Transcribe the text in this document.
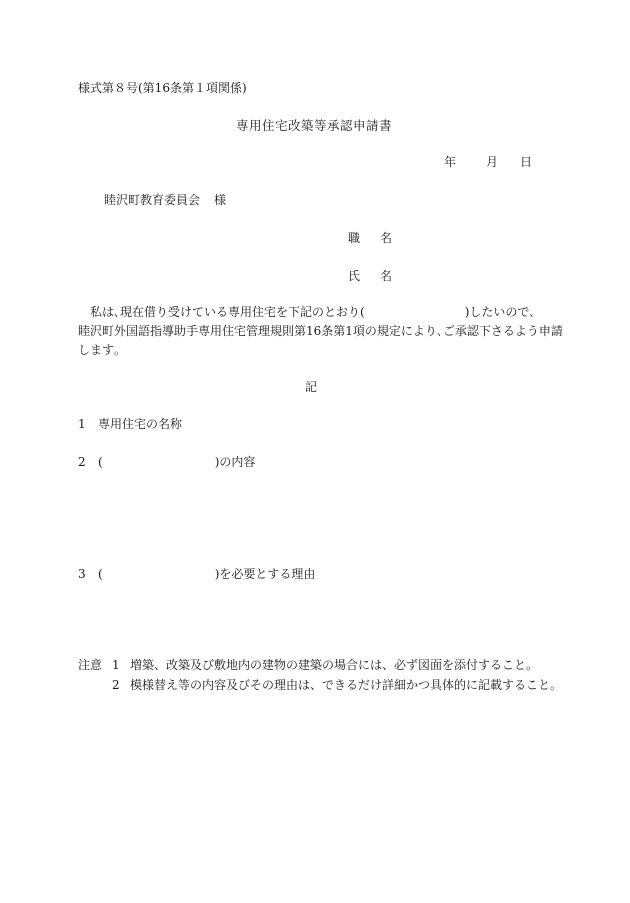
様式第８号(第16条第１項関係)
専用住宅改築等承認申請書
年 月 日
睦沢町教育委員会 様
職 名
氏 名
私は､現在借り受けている専用住宅を下記のとおり(	)したいので､
睦沢町外国語指導助手専用住宅管理規則第16条第1項の規定により､ご承認下さるよう申請
します｡
記
1 専用住宅の名称
2 (	)の内容
3 (	)を必要とする理由
注意 1 増築、改築及び敷地内の建物の建築の場合には、必ず図面を添付すること。
2 模様替え等の内容及びその理由は、できるだけ詳細かつ具体的に記載すること。
